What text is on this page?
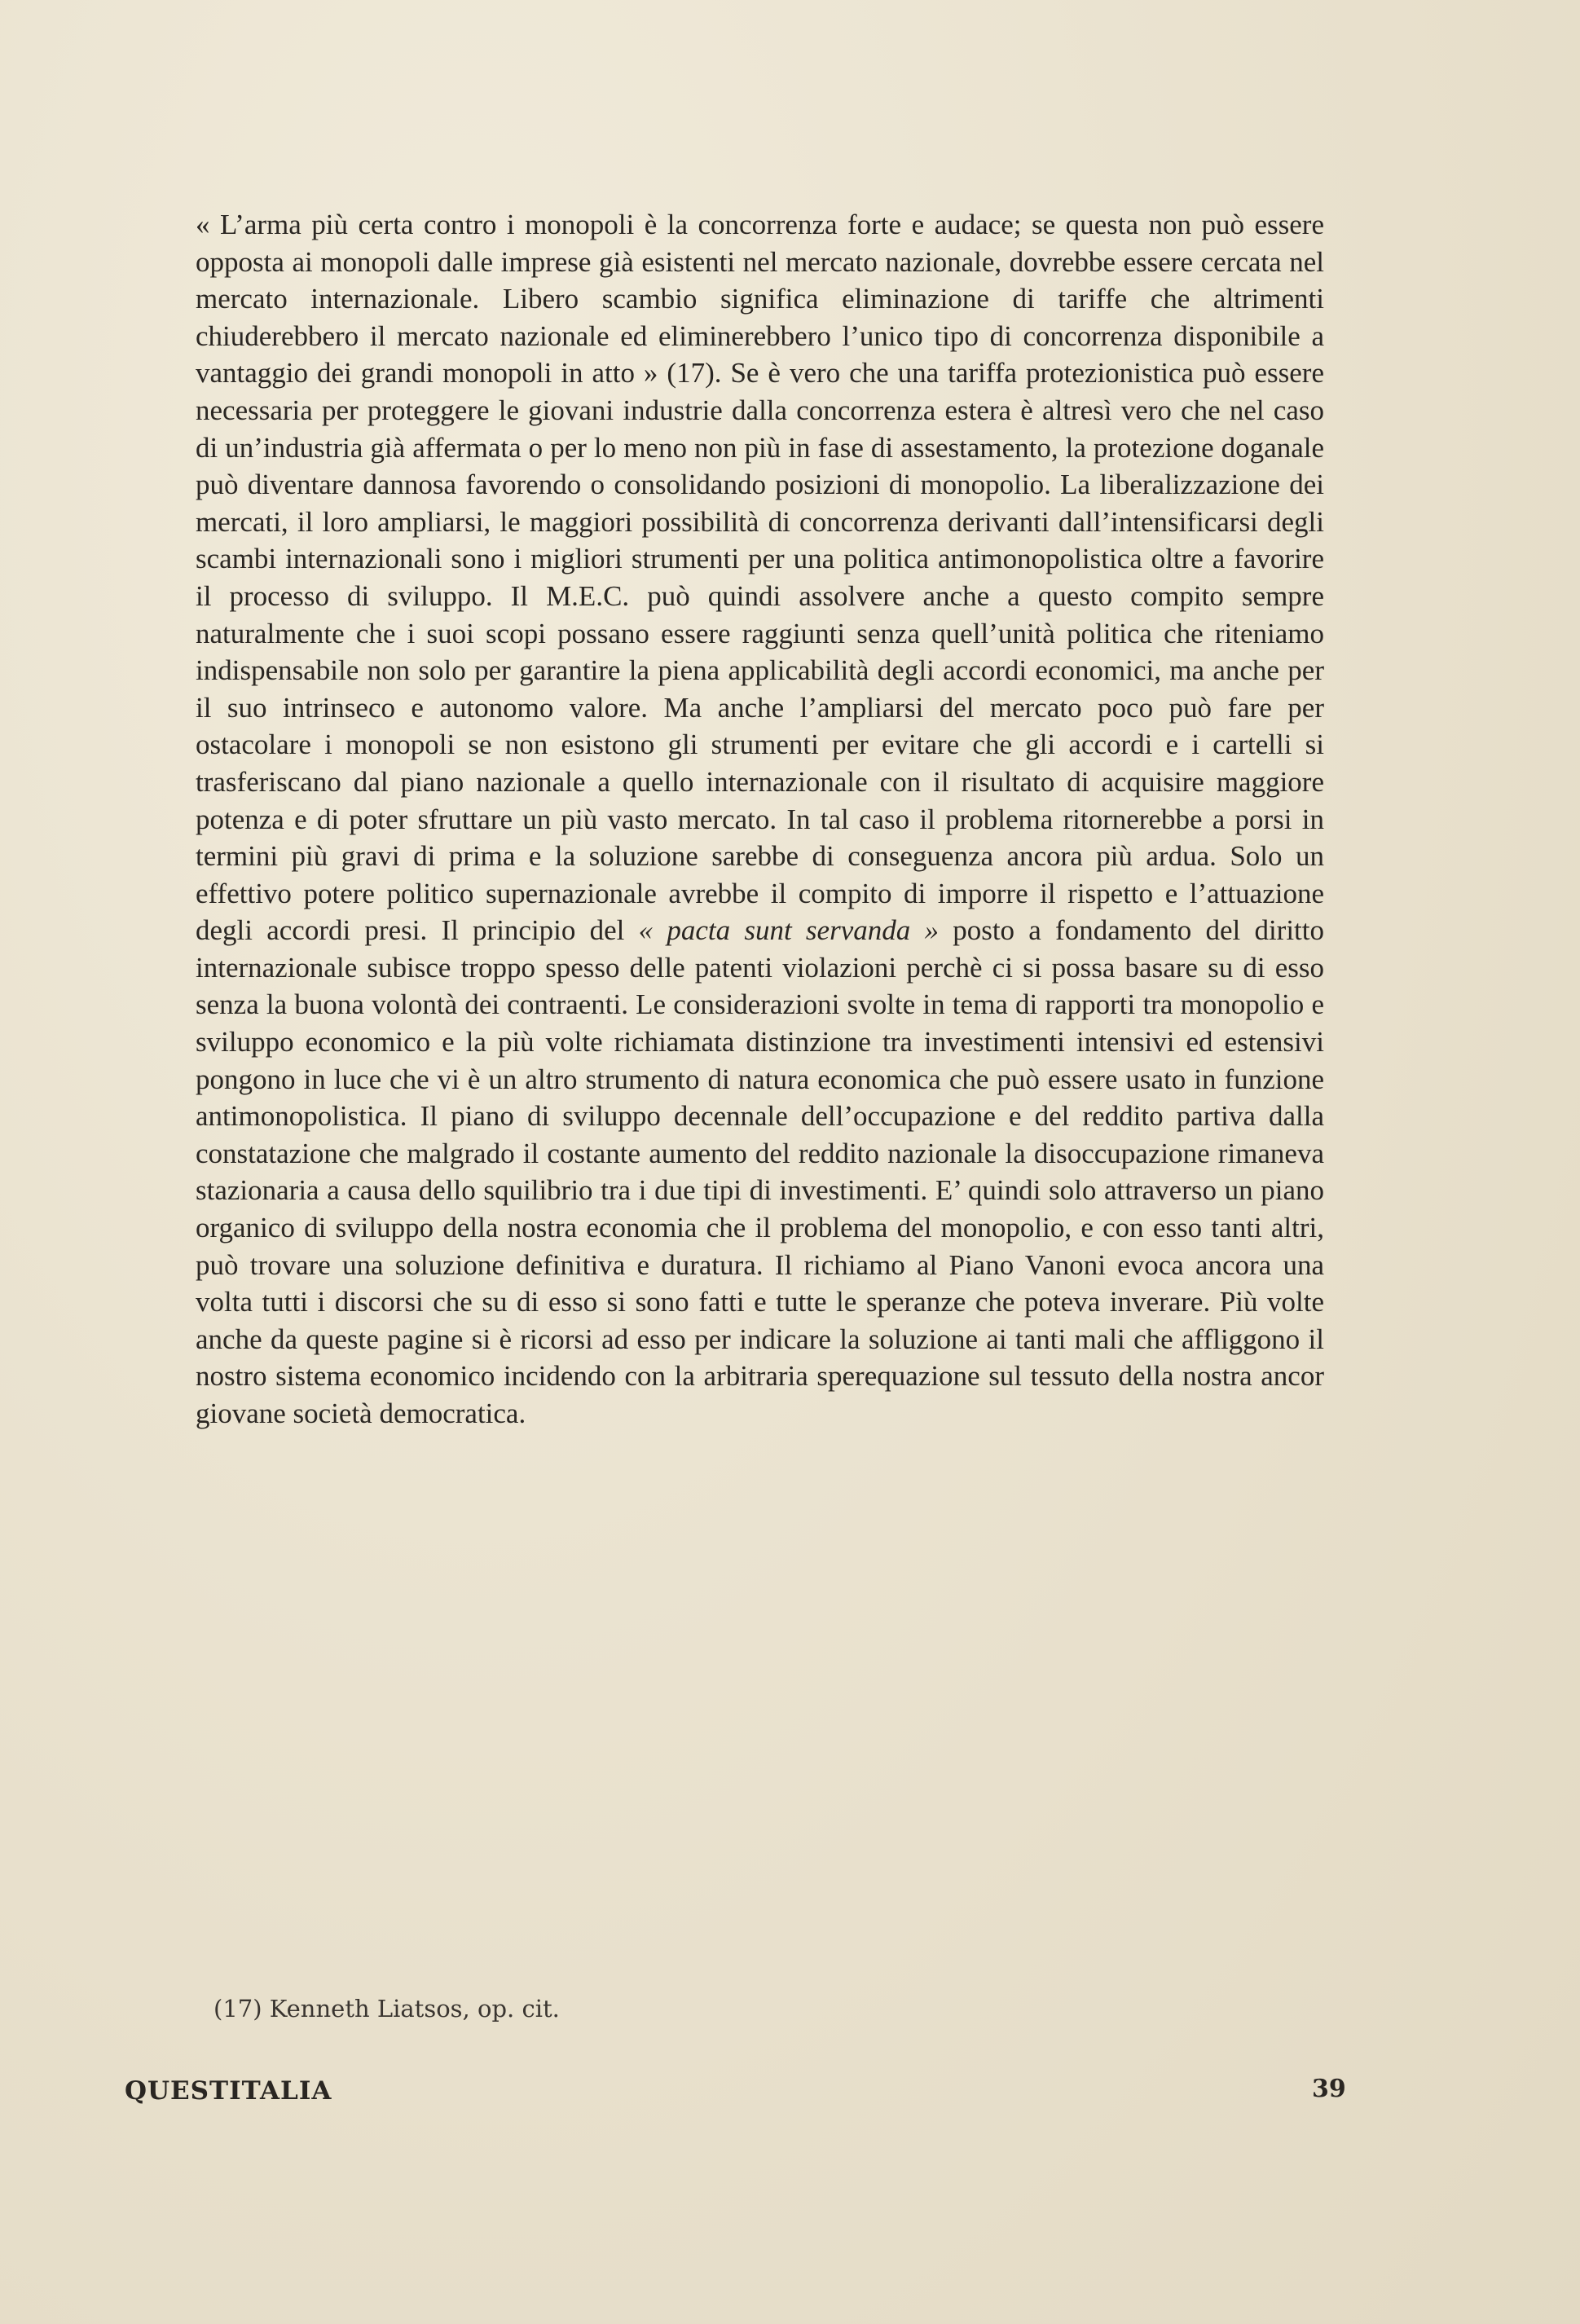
« L’arma più certa contro i monopoli è la concorrenza forte e audace; se questa non può essere opposta ai monopoli dalle imprese già esistenti nel mercato nazionale, dovrebbe essere cercata nel mercato internazionale. Libero scambio significa eliminazione di tariffe che altrimenti chiuderebbero il mercato nazionale ed eliminerebbero l’unico tipo di concorrenza disponibile a vantaggio dei grandi monopoli in atto » (17). Se è vero che una tariffa protezionistica può essere necessaria per proteggere le giovani industrie dalla concorrenza estera è altresì vero che nel caso di un’industria già affermata o per lo meno non più in fase di assestamento, la protezione doganale può diventare dannosa favorendo o consolidando posizioni di monopolio. La liberalizzazione dei mercati, il loro ampliarsi, le maggiori possibilità di concorrenza derivanti dall’intensificarsi degli scambi internazionali sono i migliori strumenti per una politica antimonopolistica oltre a favorire il processo di sviluppo. Il M.E.C. può quindi assolvere anche a questo compito sempre naturalmente che i suoi scopi possano essere raggiunti senza quell’unità politica che riteniamo indispensabile non solo per garantire la piena applicabilità degli accordi economici, ma anche per il suo intrinseco e autonomo valore. Ma anche l’ampliarsi del mercato poco può fare per ostacolare i monopoli se non esistono gli strumenti per evitare che gli accordi e i cartelli si trasferiscano dal piano nazionale a quello internazionale con il risultato di acquisire maggiore potenza e di poter sfruttare un più vasto mercato. In tal caso il problema ritornerebbe a porsi in termini più gravi di prima e la soluzione sarebbe di conseguenza ancora più ardua. Solo un effettivo potere politico supernazionale avrebbe il compito di imporre il rispetto e l’attuazione degli accordi presi. Il principio del « pacta sunt servanda » posto a fondamento del diritto internazionale subisce troppo spesso delle patenti violazioni perchè ci si possa basare su di esso senza la buona volontà dei contraenti. Le considerazioni svolte in tema di rapporti tra monopolio e sviluppo economico e la più volte richiamata distinzione tra investimenti intensivi ed estensivi pongono in luce che vi è un altro strumento di natura economica che può essere usato in funzione antimonopolistica. Il piano di sviluppo decennale dell’occupazione e del reddito partiva dalla constatazione che malgrado il costante aumento del reddito nazionale la disoccupazione rimaneva stazionaria a causa dello squilibrio tra i due tipi di investimenti. E’ quindi solo attraverso un piano organico di sviluppo della nostra economia che il problema del monopolio, e con esso tanti altri, può trovare una soluzione definitiva e duratura. Il richiamo al Piano Vanoni evoca ancora una volta tutti i discorsi che su di esso si sono fatti e tutte le speranze che poteva inverare. Più volte anche da queste pagine si è ricorsi ad esso per indicare la soluzione ai tanti mali che affliggono il nostro sistema economico incidendo con la arbitraria sperequazione sul tessuto della nostra ancor giovane società democratica.

(17) Kenneth Liatsos, op. cit.
QUESTITALIA	39
